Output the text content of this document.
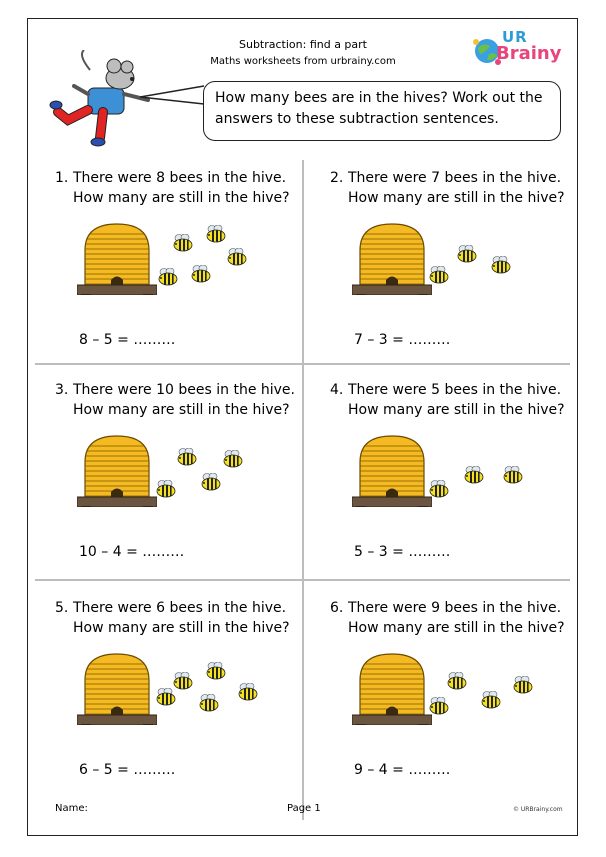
Subtraction: find a part
Maths worksheets from urbrainy.com
UR
Brainy
How many bees are in the hives? Work out the
answers to these subtraction sentences.
1. There were 8 bees in the hive.
How many are still in the hive?
8 – 5 = ………
2. There were 7 bees in the hive.
How many are still in the hive?
7 – 3 = ………
3. There were 10 bees in the hive.
How many are still in the hive?
10 – 4 = ………
4. There were 5 bees in the hive.
How many are still in the hive?
5 – 3 = ………
5. There were 6 bees in the hive.
How many are still in the hive?
6 – 5 = ………
6. There were 9 bees in the hive.
How many are still in the hive?
9 – 4 = ………
Name:	Page 1	© URBrainy.com
